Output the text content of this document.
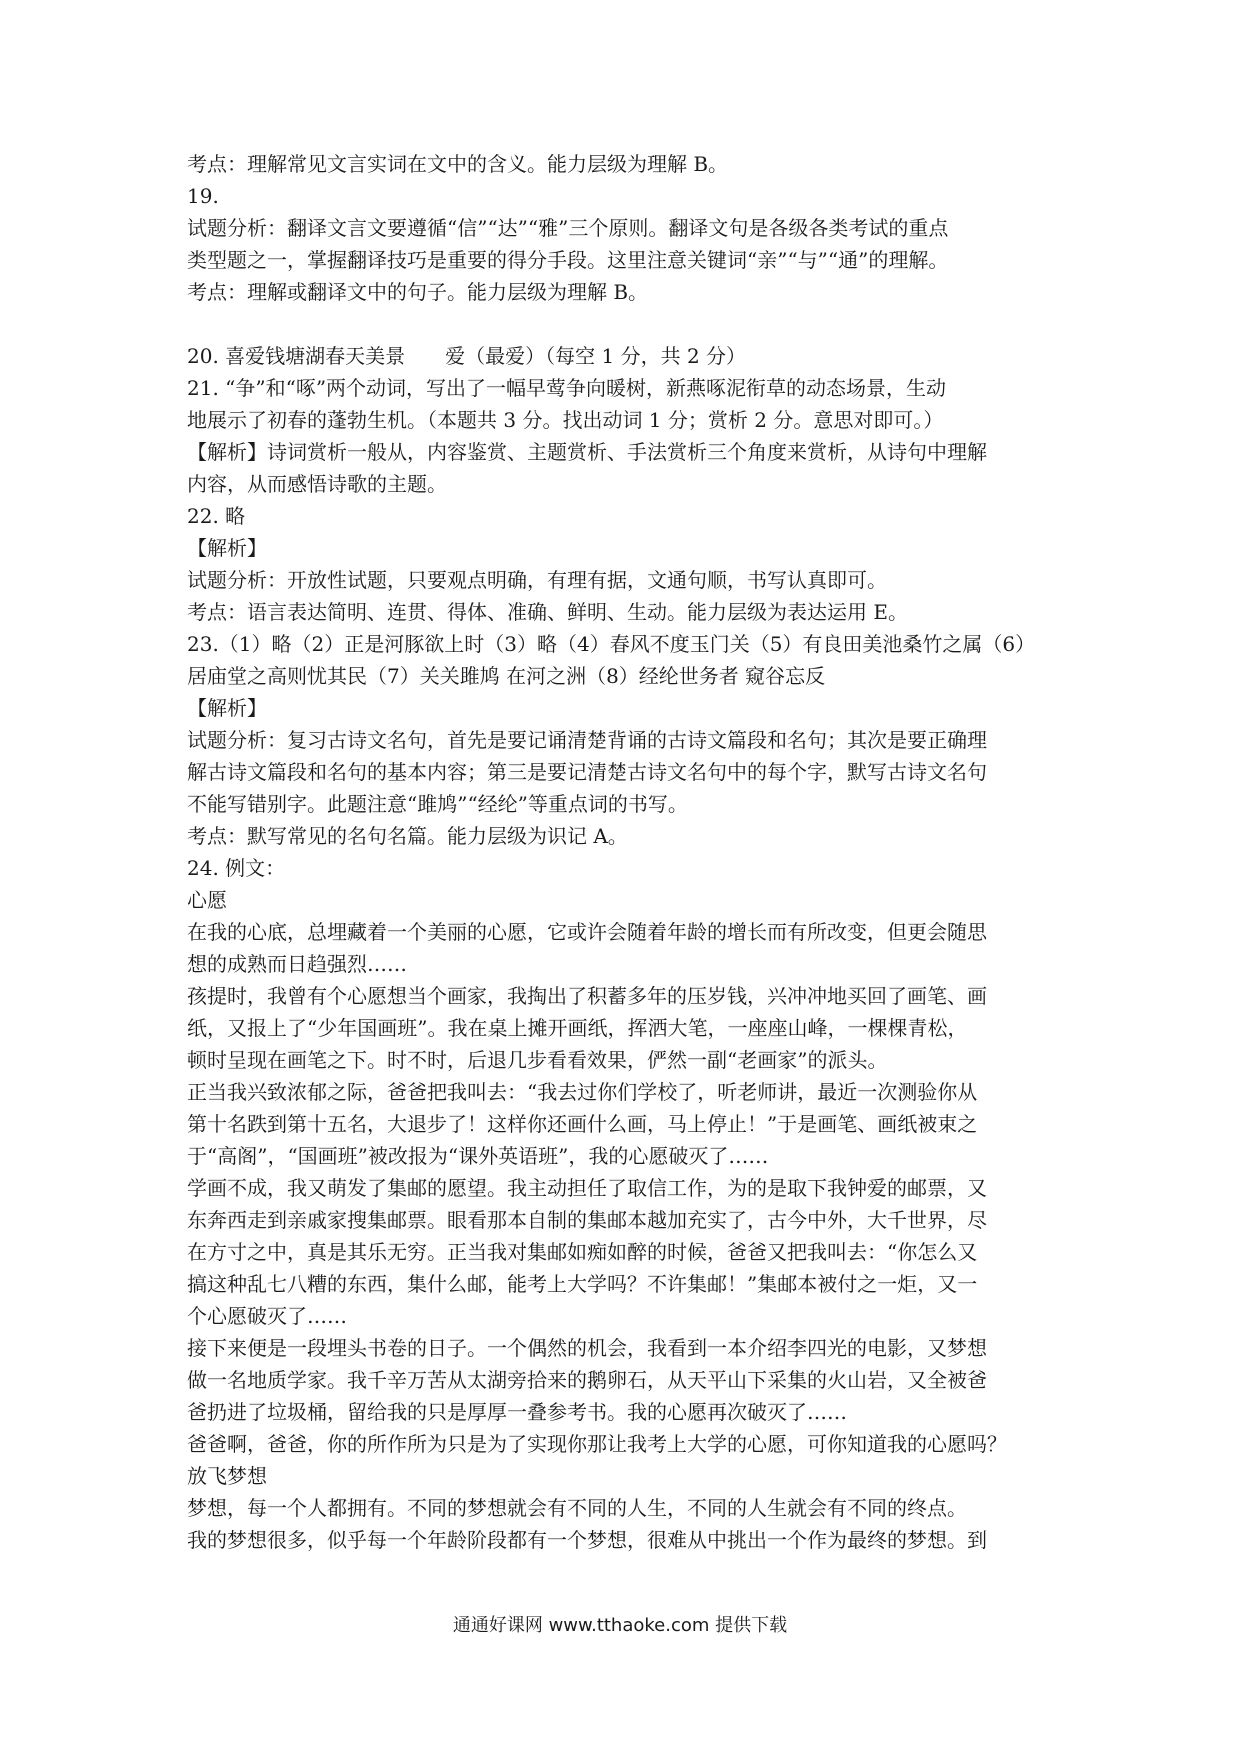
考点：理解常见文言实词在文中的含义。能力层级为理解 B。
19.
试题分析：翻译文言文要遵循“信”“达”“雅”三个原则。翻译文句是各级各类考试的重点
类型题之一，掌握翻译技巧是重要的得分手段。这里注意关键词“亲”“与”“通”的理解。
考点：理解或翻译文中的句子。能力层级为理解 B。
20. 喜爱钱塘湖春天美景　　爱（最爱）（每空 1 分，共 2 分）
21. “争”和“啄”两个动词，写出了一幅早莺争向暖树，新燕啄泥衔草的动态场景，生动
地展示了初春的蓬勃生机。（本题共 3 分。找出动词 1 分；赏析 2 分。意思对即可。）
【解析】诗词赏析一般从，内容鉴赏、主题赏析、手法赏析三个角度来赏析，从诗句中理解
内容，从而感悟诗歌的主题。
22. 略
【解析】
试题分析：开放性试题，只要观点明确，有理有据，文通句顺，书写认真即可。
考点：语言表达简明、连贯、得体、准确、鲜明、生动。能力层级为表达运用 E。
23.（1）略（2）正是河豚欲上时（3）略（4）春风不度玉门关（5）有良田美池桑竹之属（6）
居庙堂之高则忧其民（7）关关雎鸠 在河之洲（8）经纶世务者 窥谷忘反
【解析】
试题分析：复习古诗文名句，首先是要记诵清楚背诵的古诗文篇段和名句；其次是要正确理
解古诗文篇段和名句的基本内容；第三是要记清楚古诗文名句中的每个字，默写古诗文名句
不能写错别字。此题注意“雎鸠”“经纶”等重点词的书写。
考点：默写常见的名句名篇。能力层级为识记 A。
24. 例文：
心愿
在我的心底，总埋藏着一个美丽的心愿，它或许会随着年龄的增长而有所改变，但更会随思
想的成熟而日趋强烈……
孩提时，我曾有个心愿想当个画家，我掏出了积蓄多年的压岁钱，兴冲冲地买回了画笔、画
纸，又报上了“少年国画班”。我在桌上摊开画纸，挥洒大笔，一座座山峰，一棵棵青松，
顿时呈现在画笔之下。时不时，后退几步看看效果，俨然一副“老画家”的派头。
正当我兴致浓郁之际，爸爸把我叫去：“我去过你们学校了，听老师讲，最近一次测验你从
第十名跌到第十五名，大退步了！这样你还画什么画，马上停止！”于是画笔、画纸被束之
于“高阁”，“国画班”被改报为“课外英语班”，我的心愿破灭了……
学画不成，我又萌发了集邮的愿望。我主动担任了取信工作，为的是取下我钟爱的邮票，又
东奔西走到亲戚家搜集邮票。眼看那本自制的集邮本越加充实了，古今中外，大千世界，尽
在方寸之中，真是其乐无穷。正当我对集邮如痴如醉的时候，爸爸又把我叫去：“你怎么又
搞这种乱七八糟的东西，集什么邮，能考上大学吗？不许集邮！”集邮本被付之一炬，又一
个心愿破灭了……
接下来便是一段埋头书卷的日子。一个偶然的机会，我看到一本介绍李四光的电影，又梦想
做一名地质学家。我千辛万苦从太湖旁拾来的鹅卵石，从天平山下采集的火山岩，又全被爸
爸扔进了垃圾桶，留给我的只是厚厚一叠参考书。我的心愿再次破灭了……
爸爸啊，爸爸，你的所作所为只是为了实现你那让我考上大学的心愿，可你知道我的心愿吗？
放飞梦想
梦想，每一个人都拥有。不同的梦想就会有不同的人生，不同的人生就会有不同的终点。
我的梦想很多，似乎每一个年龄阶段都有一个梦想，很难从中挑出一个作为最终的梦想。到
通通好课网 www.tthaoke.com 提供下载
